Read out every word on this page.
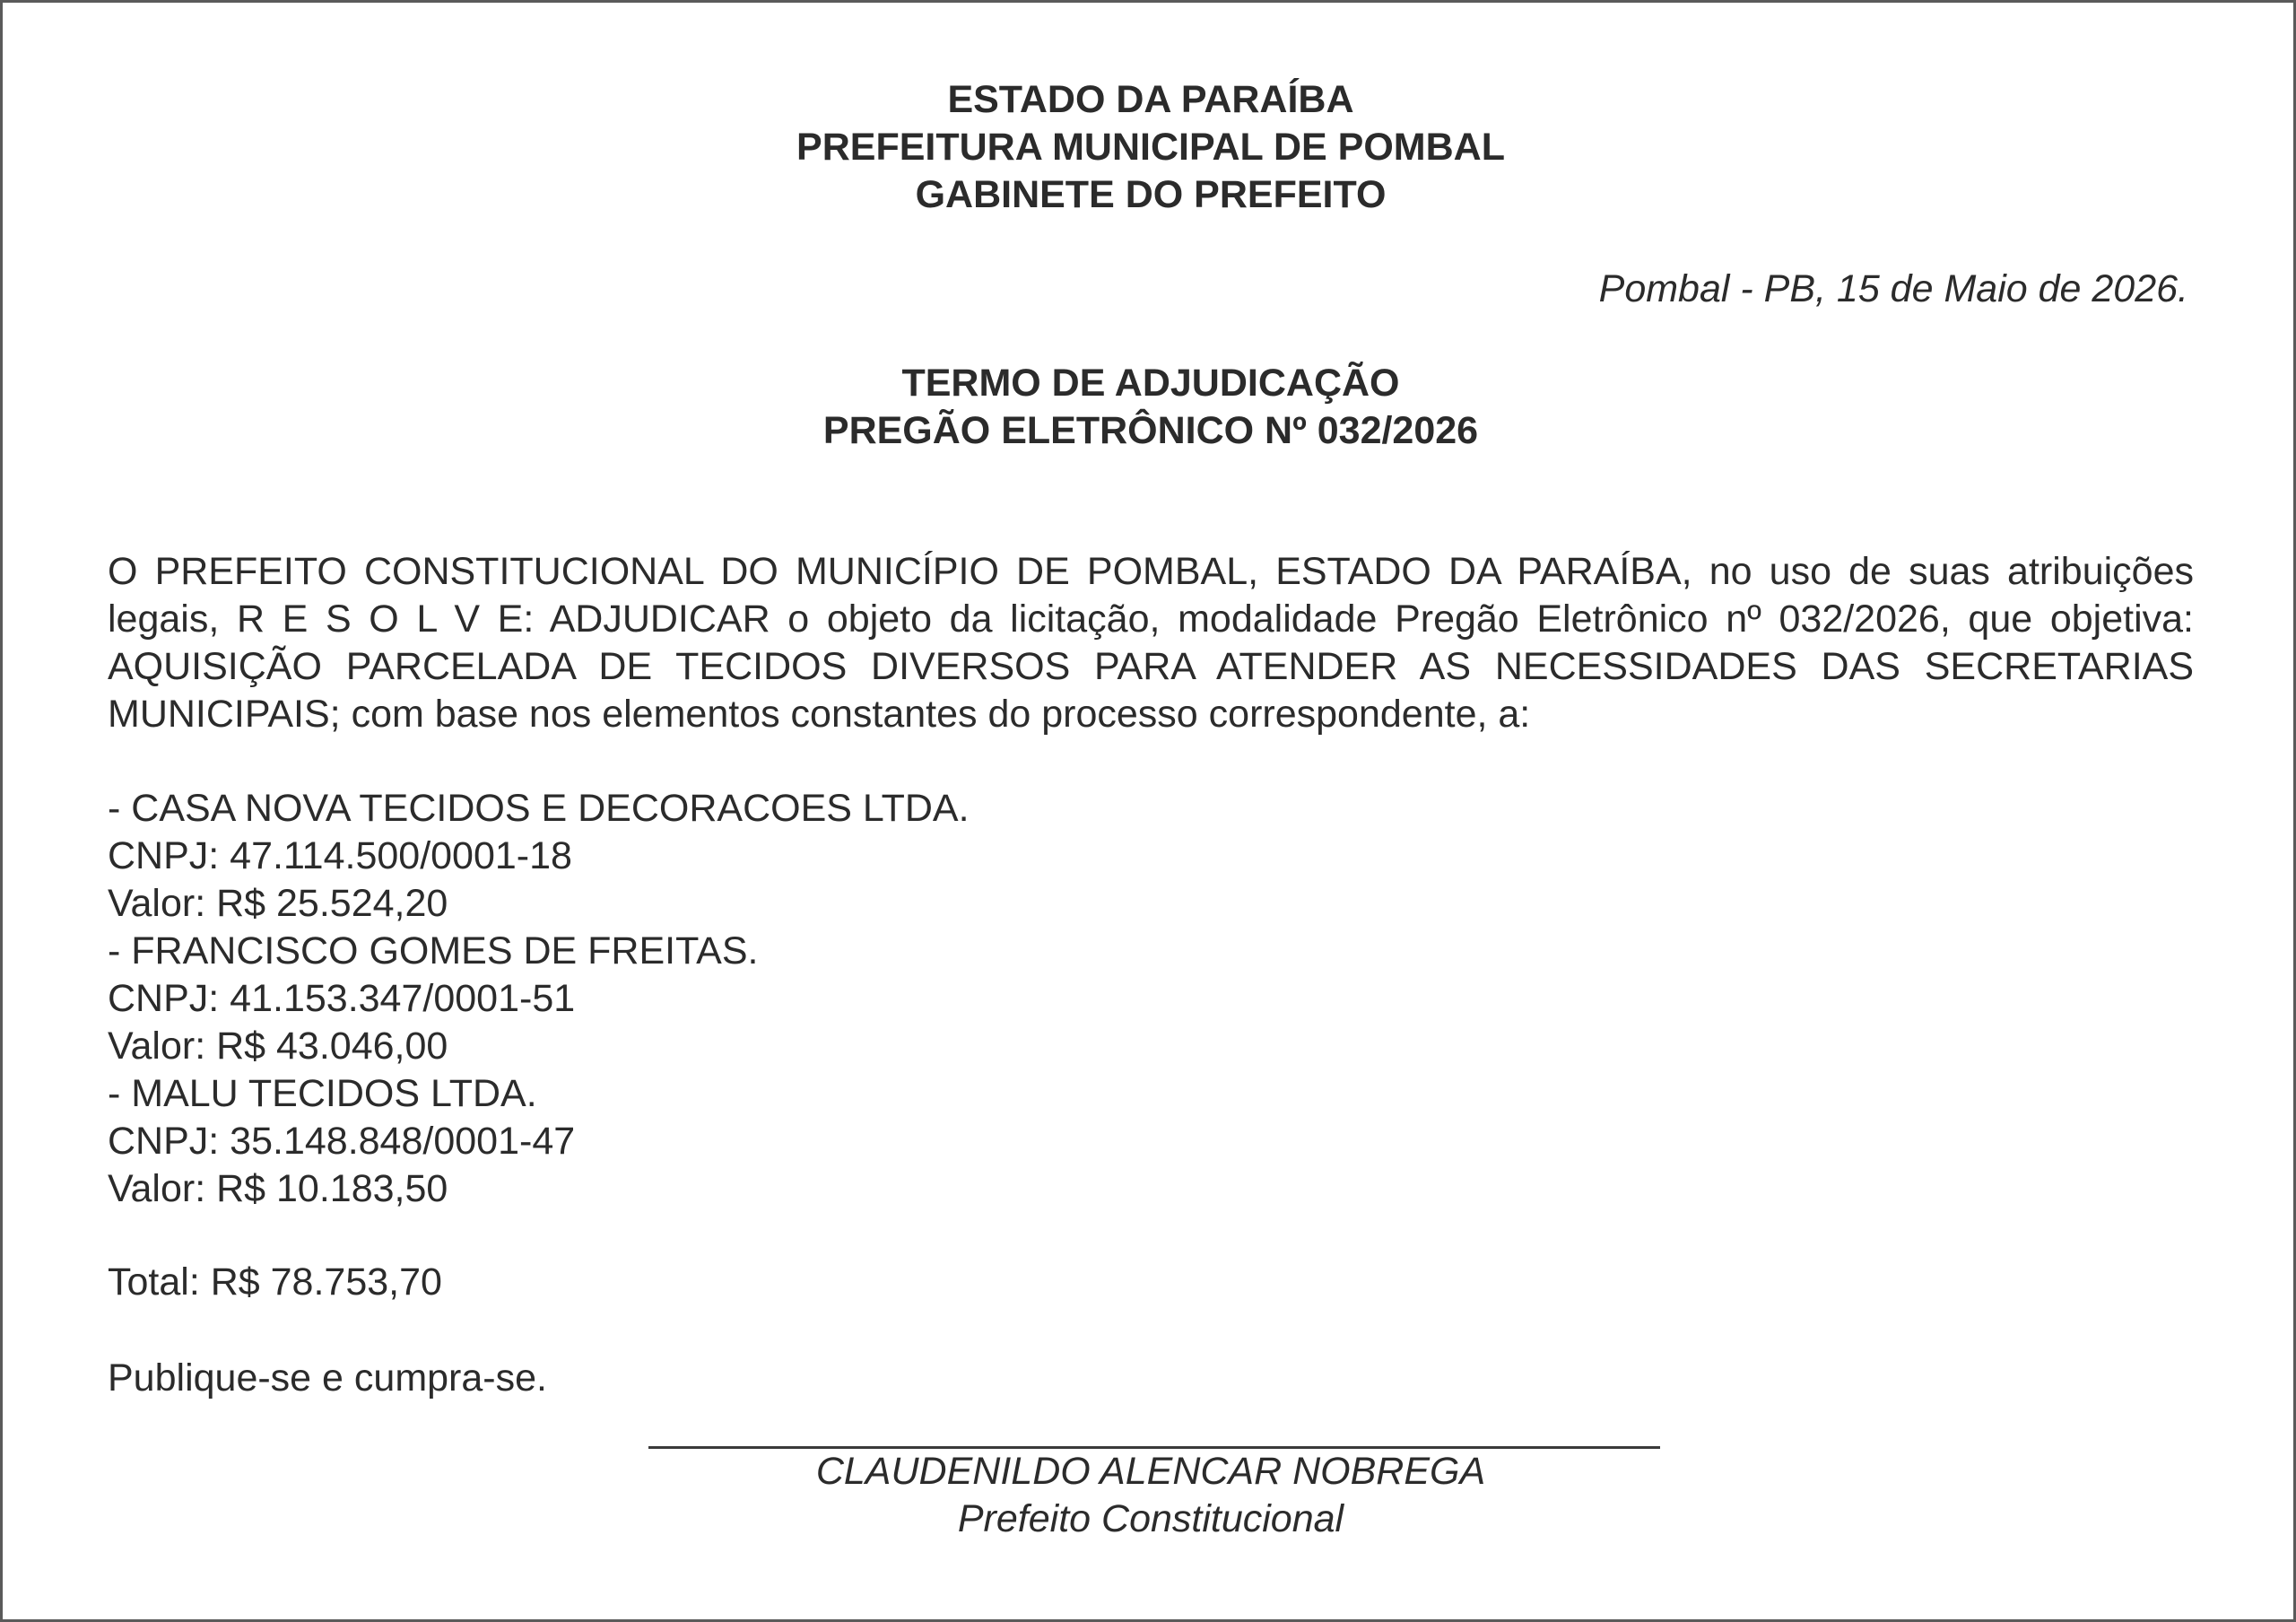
ESTADO DA PARAÍBA
PREFEITURA MUNICIPAL DE POMBAL
GABINETE DO PREFEITO
Pombal - PB, 15 de Maio de 2026.
TERMO DE ADJUDICAÇÃO
PREGÃO ELETRÔNICO Nº 032/2026
O PREFEITO CONSTITUCIONAL DO MUNICÍPIO DE POMBAL, ESTADO DA PARAÍBA, no uso de suas atribuições legais, R E S O L V E: ADJUDICAR o objeto da licitação, modalidade Pregão Eletrônico nº 032/2026, que objetiva: AQUISIÇÃO PARCELADA DE TECIDOS DIVERSOS PARA ATENDER AS NECESSIDADES DAS SECRETARIAS MUNICIPAIS; com base nos elementos constantes do processo correspondente, a:
- CASA NOVA TECIDOS E DECORACOES LTDA.
CNPJ: 47.114.500/0001-18
Valor: R$ 25.524,20
- FRANCISCO GOMES DE FREITAS.
CNPJ: 41.153.347/0001-51
Valor: R$ 43.046,00
- MALU TECIDOS LTDA.
CNPJ: 35.148.848/0001-47
Valor: R$ 10.183,50
Total: R$ 78.753,70
Publique-se e cumpra-se.
CLAUDENILDO ALENCAR NOBREGA
Prefeito Constitucional
